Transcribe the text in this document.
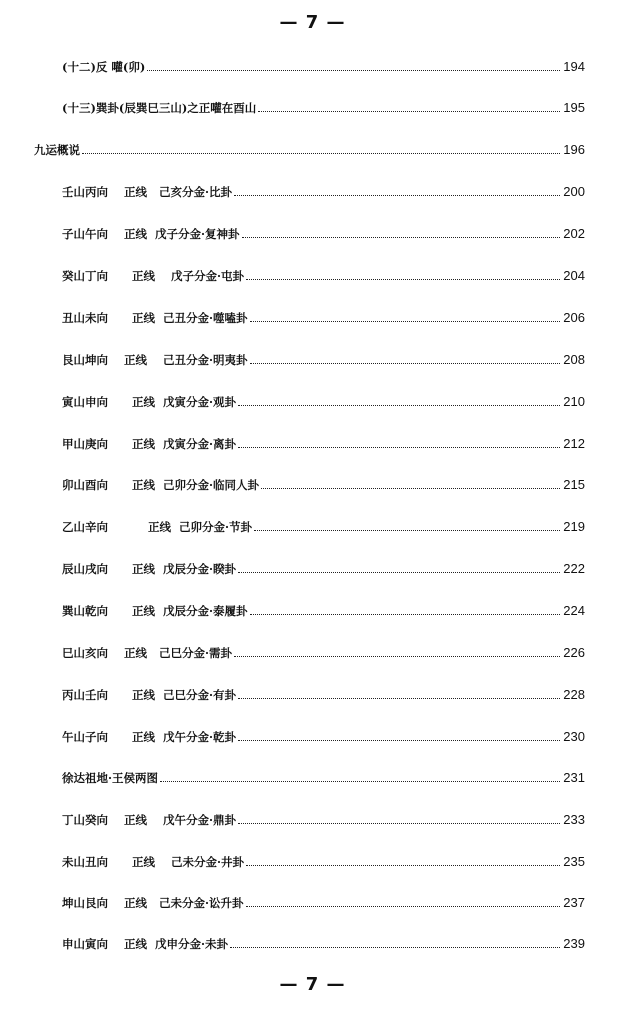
— 7 —
(十二)反 嚾(卯)	194
(十三)巽卦(辰巽巳三山)之正嚾在酉山	195
九运概说	196
壬山丙向    正线   己亥分金·比卦	200
子山午向    正线  戊子分金·复神卦	202
癸山丁向      正线    戊子分金·屯卦	204
丑山未向      正线  己丑分金·噬嗑卦	206
艮山坤向    正线    己丑分金·明夷卦	208
寅山申向      正线  戊寅分金·观卦	210
甲山庚向      正线  戊寅分金·离卦	212
卯山酉向      正线  己卯分金·临同人卦	215
乙山辛向          正线  己卯分金·节卦	219
辰山戌向      正线  戊辰分金·睽卦	222
巽山乾向      正线  戊辰分金·泰履卦	224
巳山亥向    正线   己巳分金·需卦	226
丙山壬向      正线  己巳分金·有卦	228
午山子向      正线  戊午分金·乾卦	230
徐达祖地·王侯两图	231
丁山癸向    正线    戊午分金·鼎卦	233
未山丑向      正线    己未分金·井卦	235
坤山艮向    正线   己未分金·讼升卦	237
申山寅向    正线  戊申分金·未卦	239
— 7 —
